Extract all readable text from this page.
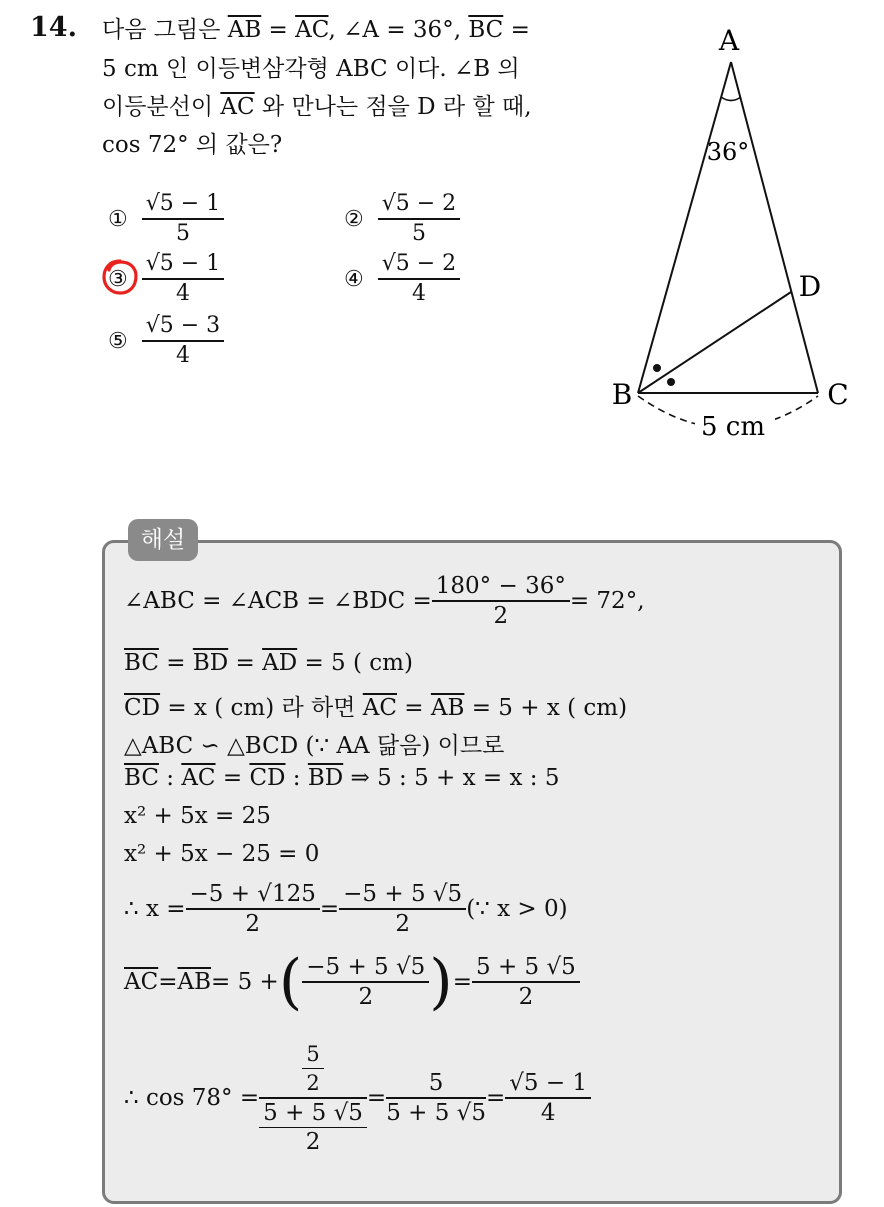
14. 다음 그림은 $\overline{AB} = \overline{AC}$, ∠A = 36°, $\overline{BC}$ =
5 cm 인 이등변삼각형 ABC 이다. ∠B 의
이등분선이 $\overline{AC}$ 와 만나는 점을 D 라 할 때,
cos 72° 의 값은?
① $\frac{√5 - 1}{5}$	② $\frac{√5 - 2}{5}$
③ $\frac{√5 - 1}{4}$	④ $\frac{√5 - 2}{4}$
⑤ $\frac{√5 - 3}{4}$
A
B	C
D
36°
5 cm
해설
∠ABC = ∠ACB = ∠BDC = $\frac{180^\circ - 36^\circ}{2} = 72^\circ$,
$\overline{BC} = \overline{BD} = \overline{AD} = 5$ ( cm)
$\overline{CD} = x$ ( cm) 라 하면 $\overline{AC} = \overline{AB} = 5 + x$ ( cm)
△ABC ∽ △BCD (∵ AA 닮음) 이므로
$\overline{BC}$ : $\overline{AC} = \overline{CD}$ : $\overline{BD}$ ⇒ 5 : 5 + x = x : 5
x² + 5x = 25
x² + 5x − 25 = 0
∴ $x = \frac{-5 + √125}{2} = \frac{-5 + 5 √5}{2}$ (∵ x > 0)
$\overline{AC} = \overline{AB} = 5$ + ( $\frac{-5 + 5 √5}{2}$ ) = $\frac{5 + 5 √5}{2}$
∴ $\cos 78^\circ = \frac{\frac{5}{2}}{\frac{5 + 5 √5}{2}} = \frac{5}{5 + 5 √5} = \frac{√5 - 1}{4}$
